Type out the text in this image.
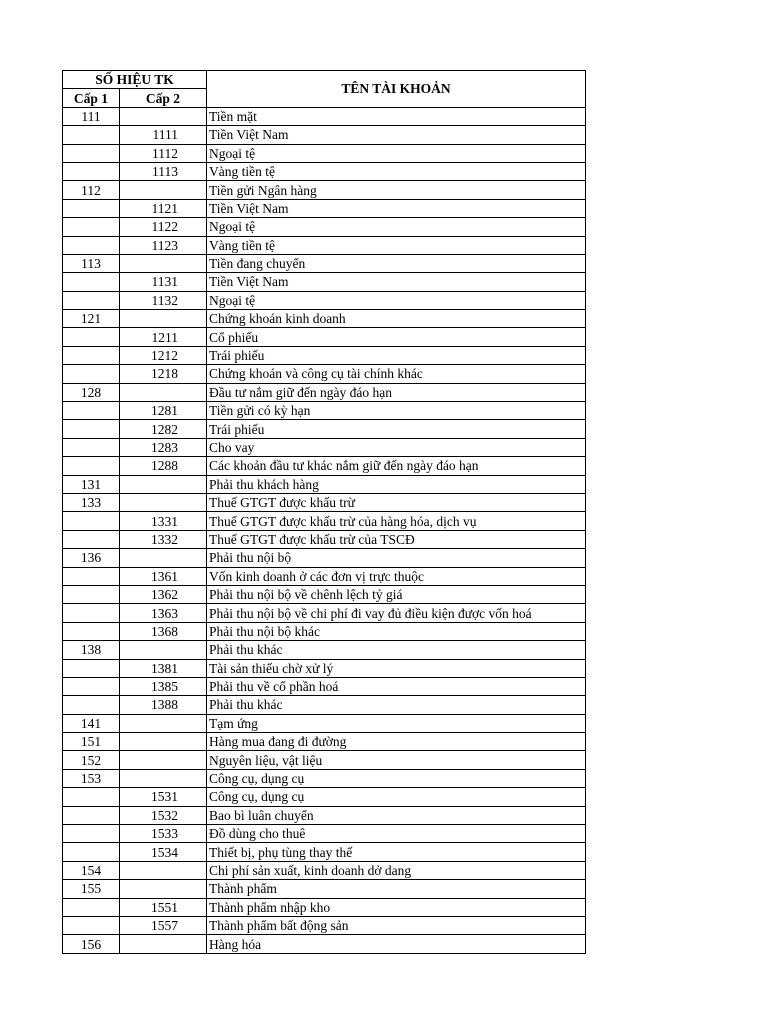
SỐ HIỆU TK		TÊN TÀI KHOẢN
Cấp 1	Cấp 2	
111		Tiền mặt
	1111	Tiền Việt Nam
	1112	Ngoại tệ
	1113	Vàng tiền tệ
112		Tiền gửi Ngân hàng
	1121	Tiền Việt Nam
	1122	Ngoại tệ
	1123	Vàng tiền tệ
113		Tiền đang chuyển
	1131	Tiền Việt Nam
	1132	Ngoại tệ
121		Chứng khoán kinh doanh
	1211	Cổ phiếu
	1212	Trái phiếu
	1218	Chứng khoán và công cụ tài chính khác
128		Đầu tư nắm giữ đến ngày đáo hạn
	1281	Tiền gửi có kỳ hạn
	1282	Trái phiếu
	1283	Cho vay
	1288	Các khoản đầu tư khác nắm giữ đến ngày đáo hạn
131		Phải thu khách hàng
133		Thuế GTGT được khấu trừ
	1331	Thuế GTGT được khấu trừ của hàng hóa, dịch vụ
	1332	Thuế GTGT được khấu trừ của TSCĐ
136		Phải thu nội bộ
	1361	Vốn kinh doanh ở các đơn vị trực thuộc
	1362	Phải thu nội bộ về chênh lệch tỷ giá
	1363	Phải thu nội bộ về chi phí đi vay đủ điều kiện được vốn hoá
	1368	Phải thu nội bộ khác
138		Phải thu khác
	1381	Tài sản thiếu chờ xử lý
	1385	Phải thu về cổ phần hoá
	1388	Phải thu khác
141		Tạm ứng
151		Hàng mua đang đi đường
152		Nguyên liệu, vật liệu
153		Công cụ, dụng cụ
	1531	Công cụ, dụng cụ
	1532	Bao bì luân chuyển
	1533	Đồ dùng cho thuê
	1534	Thiết bị, phụ tùng thay thế
154		Chi phí sản xuất, kinh doanh dở dang
155		Thành phẩm
	1551	Thành phẩm nhập kho
	1557	Thành phẩm bất động sản
156		Hàng hóa
